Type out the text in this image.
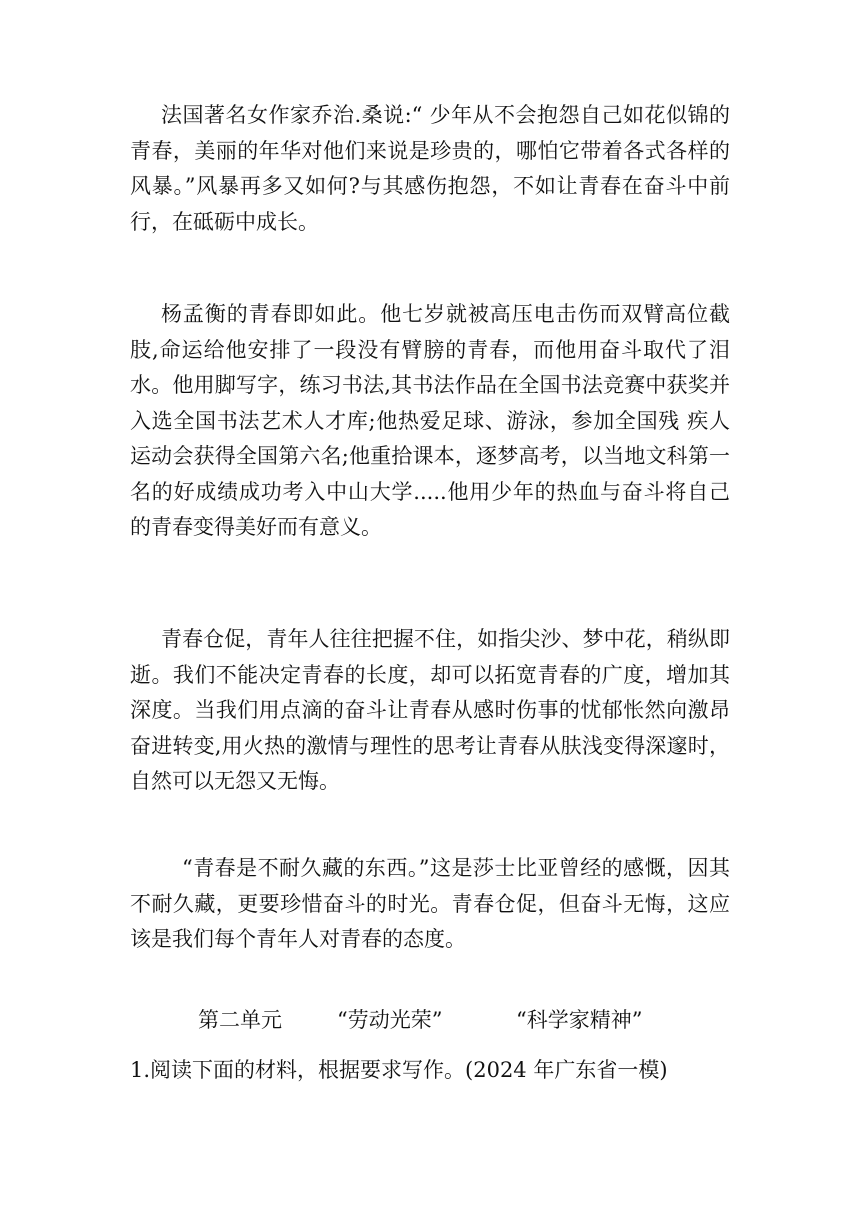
法国著名女作家乔治.桑说:“ 少年从不会抱怨自己如花似锦的青春，美丽的年华对他们来说是珍贵的，哪怕它带着各式各样的风暴。”风暴再多又如何?与其感伤抱怨，不如让青春在奋斗中前行，在砥砺中成长。

杨孟衡的青春即如此。他七岁就被高压电击伤而双臂高位截肢,命运给他安排了一段没有臂膀的青春，而他用奋斗取代了泪水。他用脚写字，练习书法,其书法作品在全国书法竞赛中获奖并入选全国书法艺术人才库;他热爱足球、游泳，参加全国残 疾人运动会获得全国第六名;他重拾课本，逐梦高考，以当地文科第一名的好成绩成功考入中山大学.....他用少年的热血与奋斗将自己的青春变得美好而有意义。

青春仓促，青年人往往把握不住，如指尖沙、梦中花，稍纵即逝。我们不能决定青春的长度，却可以拓宽青春的广度，增加其深度。当我们用点滴的奋斗让青春从感时伤事的忧郁怅然向激昂奋进转变,用火热的激情与理性的思考让青春从肤浅变得深邃时，自然可以无怨又无悔。

“青春是不耐久藏的东西。”这是莎士比亚曾经的感慨，因其不耐久藏，更要珍惜奋斗的时光。青春仓促，但奋斗无悔，这应该是我们每个青年人对青春的态度。

第二单元

	“劳动光荣”

	“科学家精神”

1.阅读下面的材料，根据要求写作。(2024 年广东省一模)
